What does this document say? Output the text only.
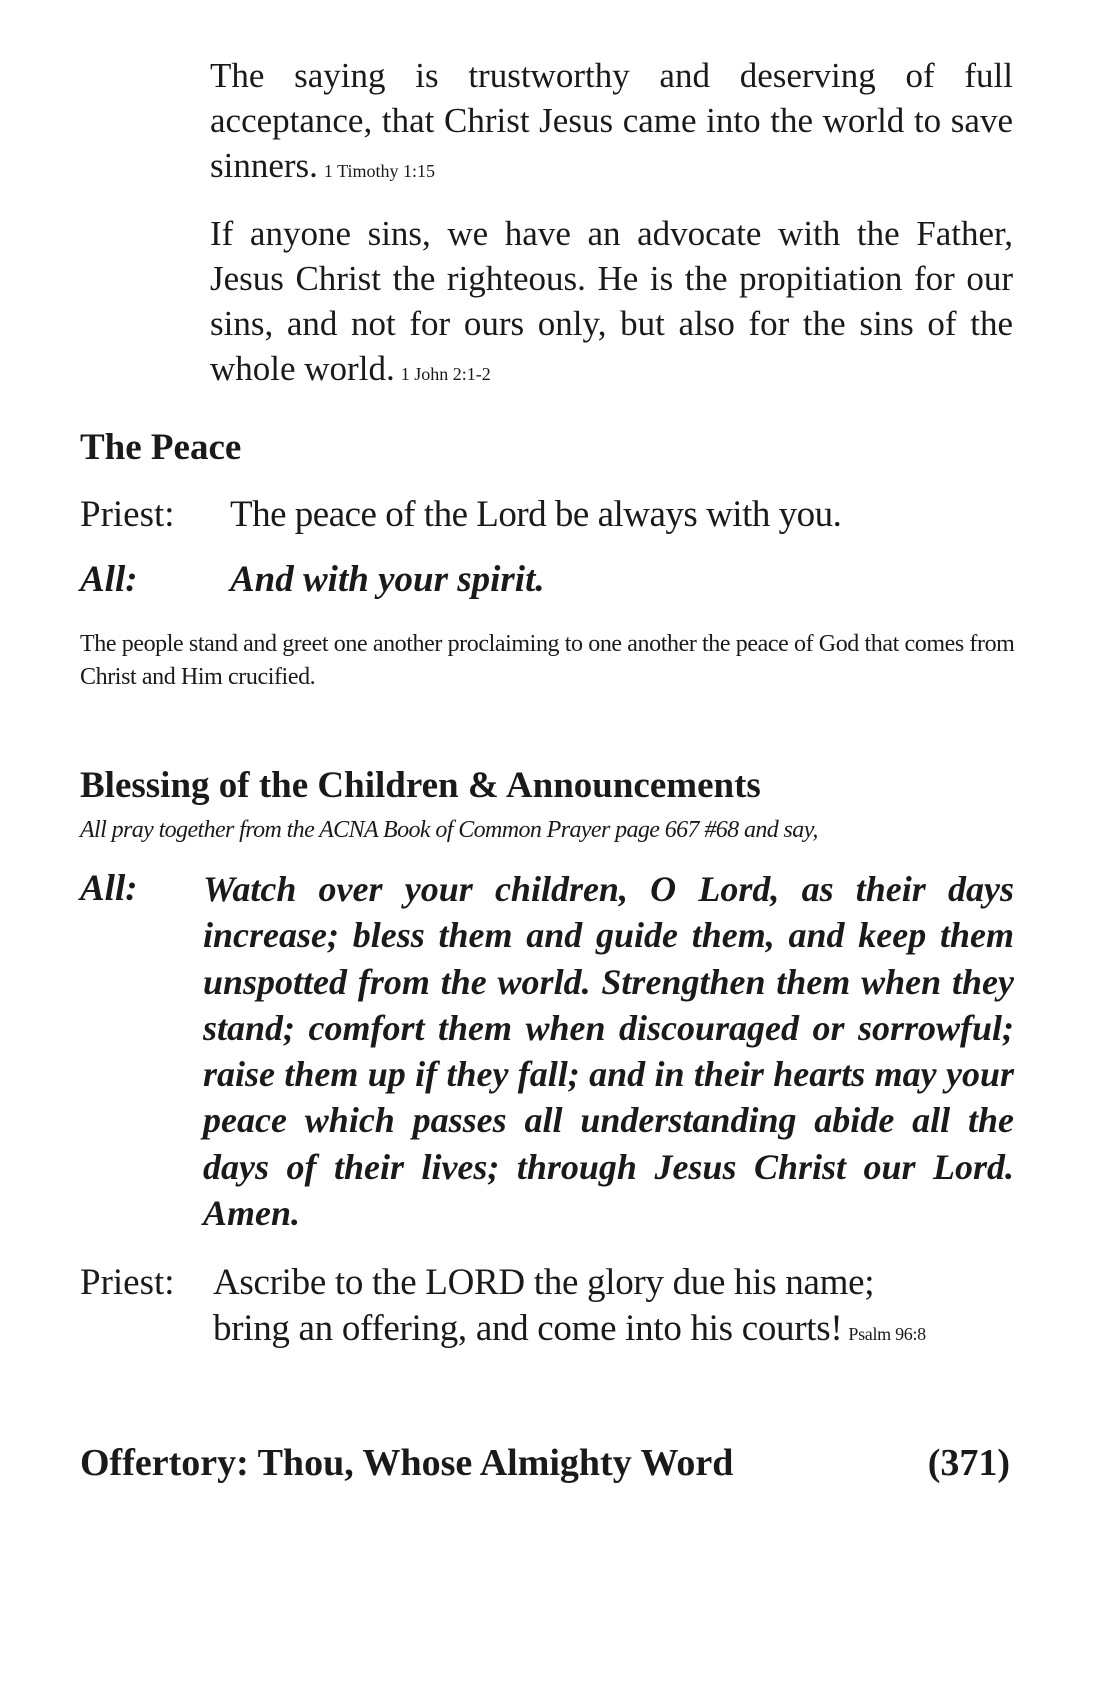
The saying is trustworthy and deserving of full acceptance, that Christ Jesus came into the world to save sinners. 1 Timothy 1:15

If anyone sins, we have an advocate with the Father, Jesus Christ the righteous. He is the propitiation for our sins, and not for ours only, but also for the sins of the whole world. 1 John 2:1-2

The Peace
Priest: The peace of the Lord be always with you.
All: And with your spirit.

The people stand and greet one another proclaiming to one another the peace of God that comes from Christ and Him crucified.

Blessing of the Children & Announcements

All pray together from the ACNA Book of Common Prayer page 667 #68 and say,

All: Watch over your children, O Lord, as their days increase; bless them and guide them, and keep them unspotted from the world. Strengthen them when they stand; comfort them when discouraged or sorrowful; raise them up if they fall; and in their hearts may your peace which passes all understanding abide all the days of their lives; through Jesus Christ our Lord. Amen.

Priest: Ascribe to the LORD the glory due his name;
bring an offering, and come into his courts! Psalm 96:8
Offertory: Thou, Whose Almighty Word	(371)
